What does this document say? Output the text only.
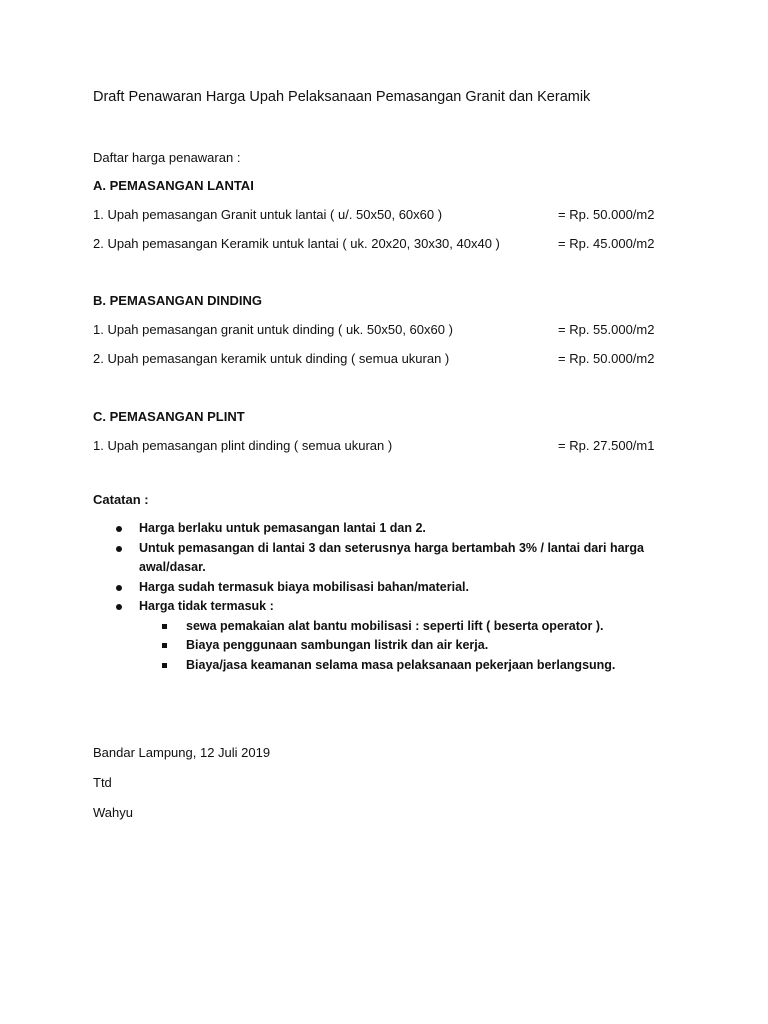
Draft Penawaran Harga Upah Pelaksanaan Pemasangan Granit dan Keramik
Daftar harga penawaran :
A. PEMASANGAN LANTAI
1. Upah pemasangan Granit untuk lantai ( u/. 50x50, 60x60 )	= Rp. 50.000/m2
2. Upah pemasangan Keramik untuk lantai ( uk. 20x20, 30x30, 40x40 )	= Rp. 45.000/m2
B. PEMASANGAN DINDING
1. Upah pemasangan granit untuk dinding ( uk. 50x50, 60x60 )	= Rp. 55.000/m2
2. Upah pemasangan keramik untuk dinding ( semua ukuran )	= Rp. 50.000/m2
C. PEMASANGAN PLINT
1. Upah pemasangan plint dinding ( semua ukuran )	= Rp. 27.500/m1
Catatan :
Harga berlaku untuk pemasangan lantai 1 dan 2.
Untuk pemasangan di lantai 3 dan seterusnya harga bertambah 3% / lantai dari harga awal/dasar.
Harga sudah termasuk biaya mobilisasi bahan/material.
Harga tidak termasuk :
sewa pemakaian alat bantu mobilisasi : seperti lift ( beserta operator ).
Biaya penggunaan sambungan listrik dan air kerja.
Biaya/jasa keamanan selama masa pelaksanaan pekerjaan berlangsung.
Bandar Lampung, 12 Juli 2019
Ttd
Wahyu
